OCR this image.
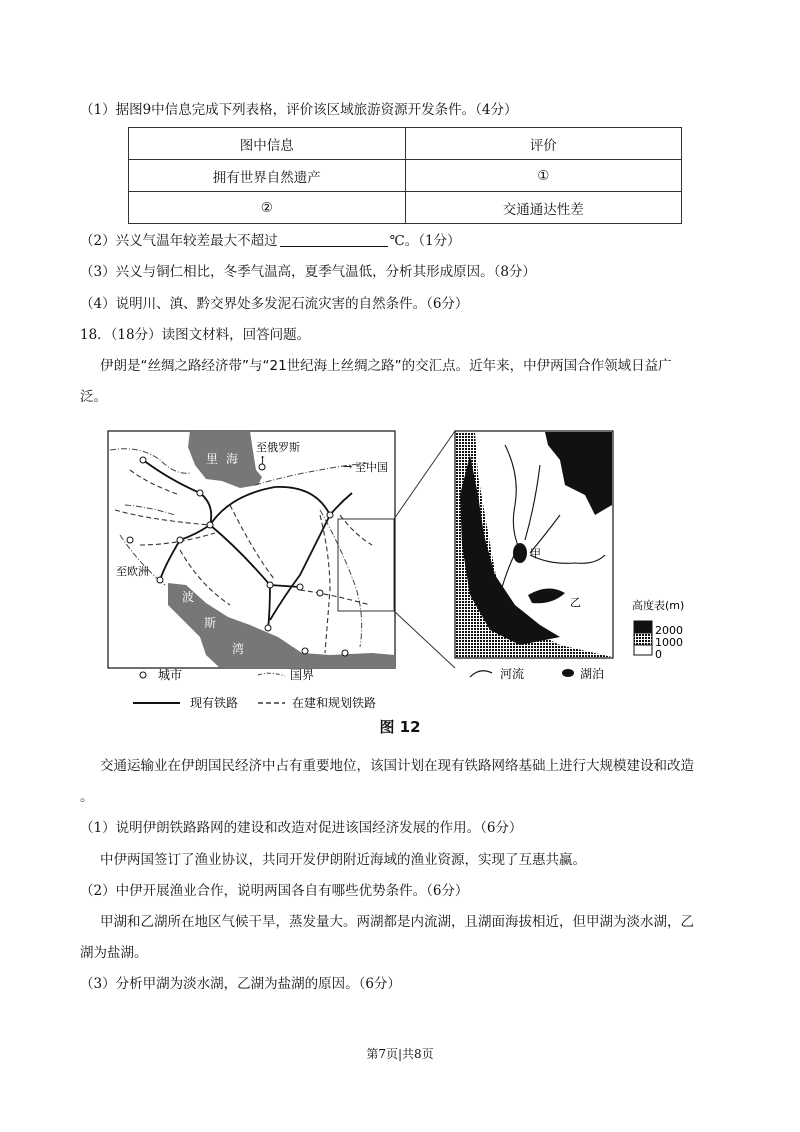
（1）据图9中信息完成下列表格，评价该区域旅游资源开发条件。（4分）
图中信息	评价
拥有世界自然遗产	①
②	交通通达性差
（2）兴义气温年较差最大不超过	℃。（1分）
（3）兴义与铜仁相比，冬季气温高，夏季气温低，分析其形成原因。（8分）
（4）说明川、滇、黔交界处多发泥石流灾害的自然条件。（6分）
18．（18分）读图文材料，回答问题。
伊朗是“丝绸之路经济带”与“21世纪海上丝绸之路”的交汇点。近年来，中伊两国合作领域日益广
泛。
里 海
至俄罗斯
↑	→ 至中国
至欧洲
波
斯
湾
城市	国界
现有铁路	在建和规划铁路
甲
乙	高度表(m)
2000
1000
0
河流	湖泊
图 12
交通运输业在伊朗国民经济中占有重要地位，该国计划在现有铁路网络基础上进行大规模建设和改造
。
（1）说明伊朗铁路路网的建设和改造对促进该国经济发展的作用。（6分）
中伊两国签订了渔业协议，共同开发伊朗附近海域的渔业资源，实现了互惠共赢。
（2）中伊开展渔业合作，说明两国各自有哪些优势条件。（6分）
甲湖和乙湖所在地区气候干旱，蒸发量大。两湖都是内流湖，且湖面海拔相近，但甲湖为淡水湖，乙
湖为盐湖。
（3）分析甲湖为淡水湖，乙湖为盐湖的原因。（6分）
第7页|共8页
